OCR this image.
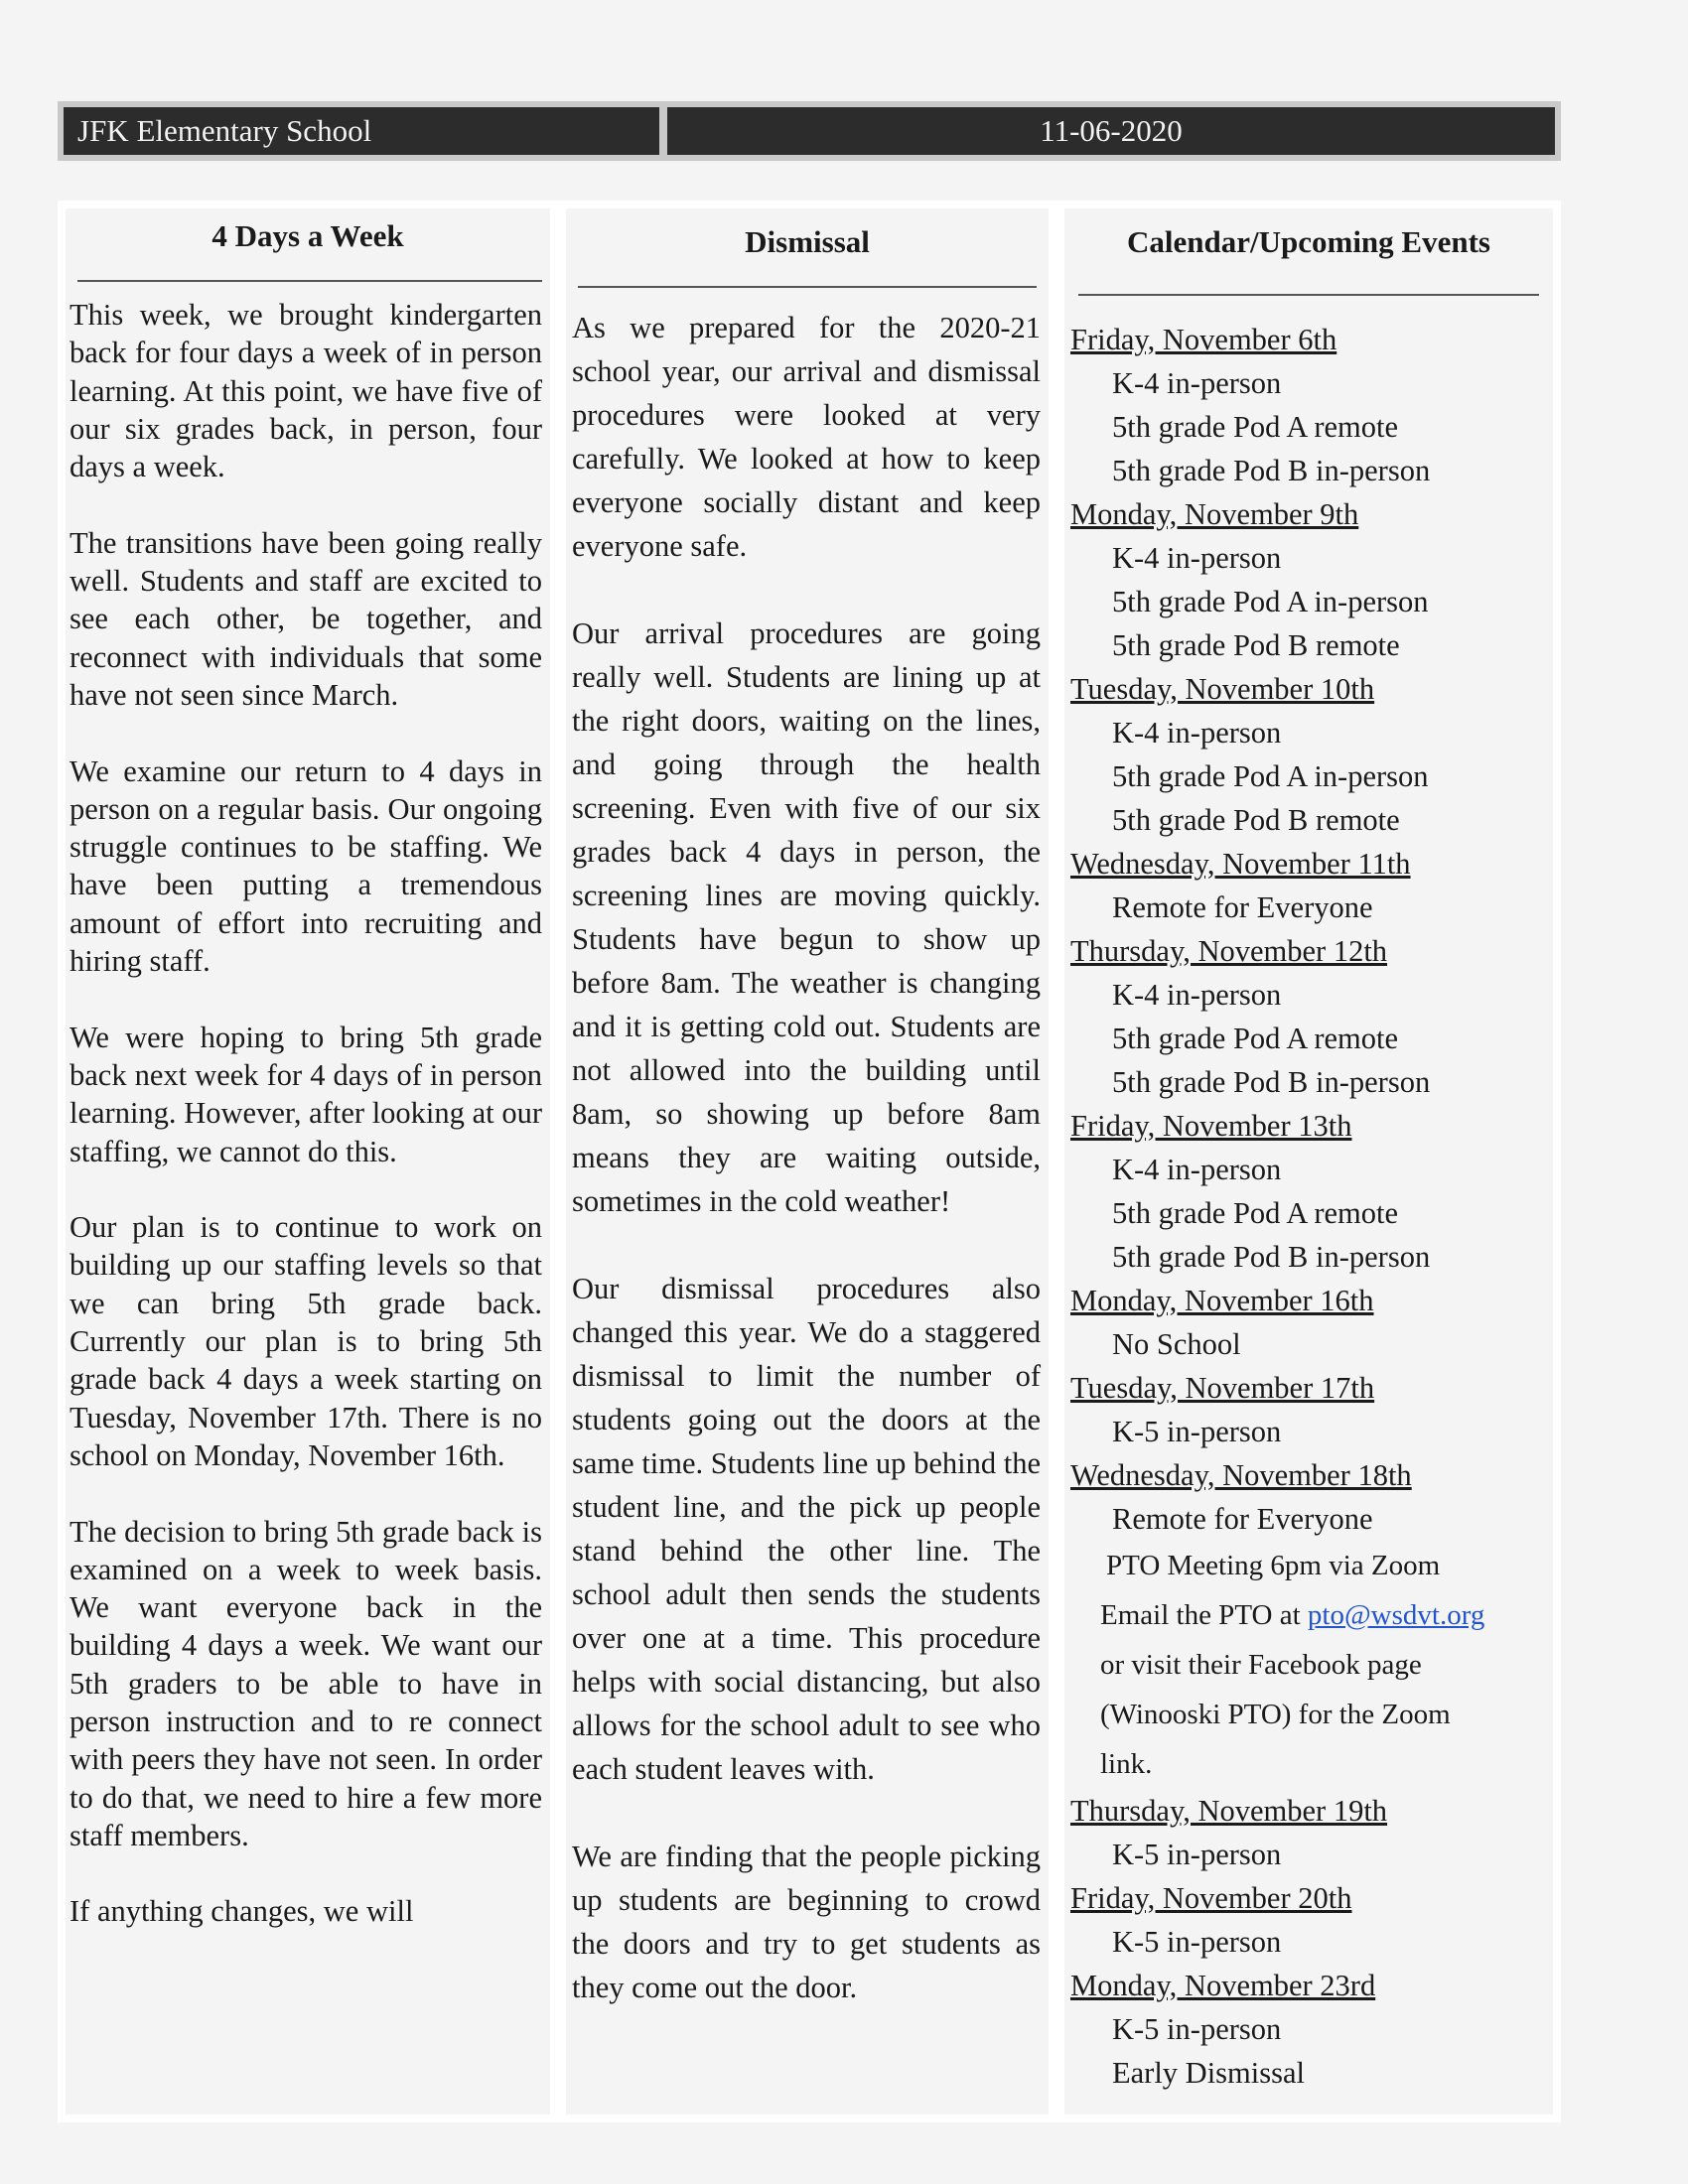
JFK Elementary School	11-06-2020
4 Days a Week

This week, we brought kindergarten back for four days a week of in person learning. At this point, we have five of our six grades back, in person, four days a week.

The transitions have been going really well. Students and staff are excited to see each other, be together, and reconnect with individuals that some have not seen since March.

We examine our return to 4 days in person on a regular basis. Our ongoing struggle continues to be staffing. We have been putting a tremendous amount of effort into recruiting and hiring staff.

We were hoping to bring 5th grade back next week for 4 days of in person learning. However, after looking at our staffing, we cannot do this.

Our plan is to continue to work on building up our staffing levels so that we can bring 5th grade back. Currently our plan is to bring 5th grade back 4 days a week starting on Tuesday, November 17th. There is no school on Monday, November 16th.

The decision to bring 5th grade back is examined on a week to week basis. We want everyone back in the building 4 days a week. We want our 5th graders to be able to have in person instruction and to re connect with peers they have not seen. In order to do that, we need to hire a few more staff members.

If anything changes, we will

Dismissal

As we prepared for the 2020-21 school year, our arrival and dismissal procedures were looked at very carefully. We looked at how to keep everyone socially distant and keep everyone safe.

Our arrival procedures are going really well. Students are lining up at the right doors, waiting on the lines, and going through the health screening. Even with five of our six grades back 4 days in person, the screening lines are moving quickly. Students have begun to show up before 8am. The weather is changing and it is getting cold out. Students are not allowed into the building until 8am, so showing up before 8am means they are waiting outside, sometimes in the cold weather!

Our dismissal procedures also changed this year. We do a staggered dismissal to limit the number of students going out the doors at the same time. Students line up behind the student line, and the pick up people stand behind the other line. The school adult then sends the students over one at a time. This procedure helps with social distancing, but also allows for the school adult to see who each student leaves with.

We are finding that the people picking up students are beginning to crowd the doors and try to get students as they come out the door.

Calendar/Upcoming Events
Friday, November 6th
K-4 in-person
5th grade Pod A remote
5th grade Pod B in-person
Monday, November 9th
K-4 in-person
5th grade Pod A in-person
5th grade Pod B remote
Tuesday, November 10th
K-4 in-person
5th grade Pod A in-person
5th grade Pod B remote
Wednesday, November 11th
Remote for Everyone
Thursday, November 12th
K-4 in-person
5th grade Pod A remote
5th grade Pod B in-person
Friday, November 13th
K-4 in-person
5th grade Pod A remote
5th grade Pod B in-person
Monday, November 16th
No School
Tuesday, November 17th
K-5 in-person
Wednesday, November 18th
Remote for Everyone
PTO Meeting 6pm via Zoom
Email the PTO at pto@wsdvt.org
or visit their Facebook page
(Winooski PTO) for the Zoom
link.
Thursday, November 19th
K-5 in-person
Friday, November 20th
K-5 in-person
Monday, November 23rd
K-5 in-person
Early Dismissal
